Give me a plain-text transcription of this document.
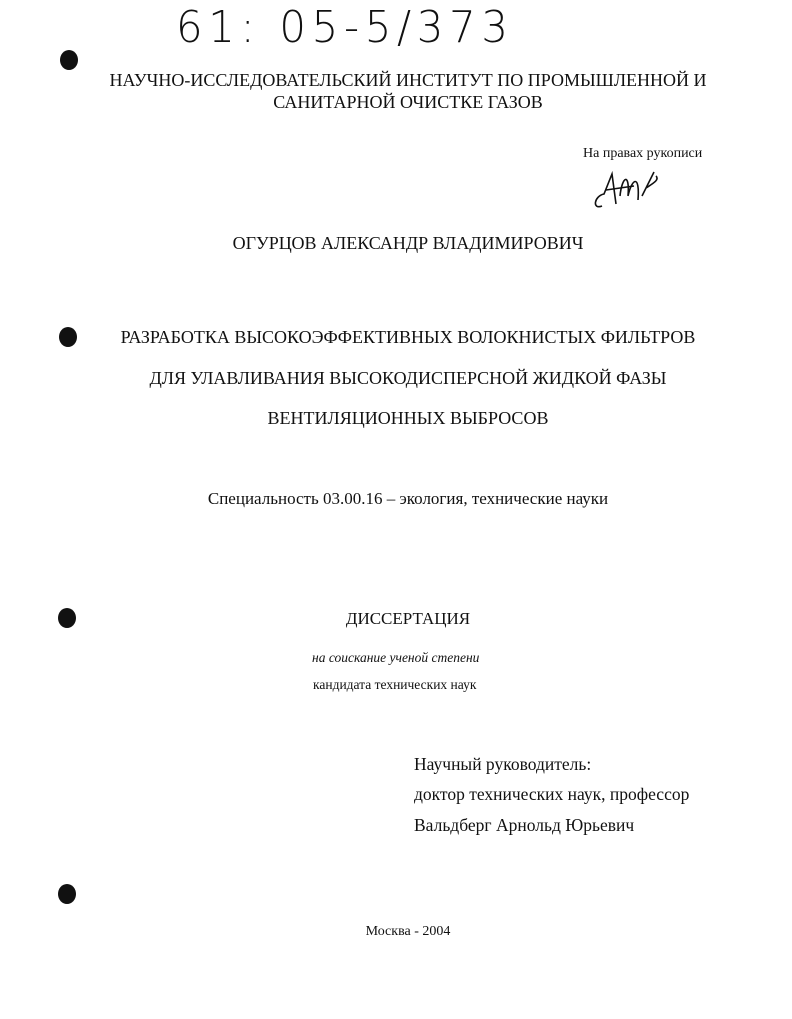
61: 05-5/373
НАУЧНО-ИССЛЕДОВАТЕЛЬСКИЙ ИНСТИТУТ ПО ПРОМЫШЛЕННОЙ И
САНИТАРНОЙ ОЧИСТКЕ ГАЗОВ
На правах рукописи
ОГУРЦОВ АЛЕКСАНДР ВЛАДИМИРОВИЧ
РАЗРАБОТКА ВЫСОКОЭФФЕКТИВНЫХ ВОЛОКНИСТЫХ ФИЛЬТРОВ
ДЛЯ УЛАВЛИВАНИЯ ВЫСОКОДИСПЕРСНОЙ ЖИДКОЙ ФАЗЫ
ВЕНТИЛЯЦИОННЫХ ВЫБРОСОВ
Специальность 03.00.16 – экология, технические науки
ДИССЕРТАЦИЯ
на соискание ученой степени
кандидата технических наук
Научный руководитель:
доктор технических наук, профессор
Вальдберг Арнольд Юрьевич
Москва - 2004
